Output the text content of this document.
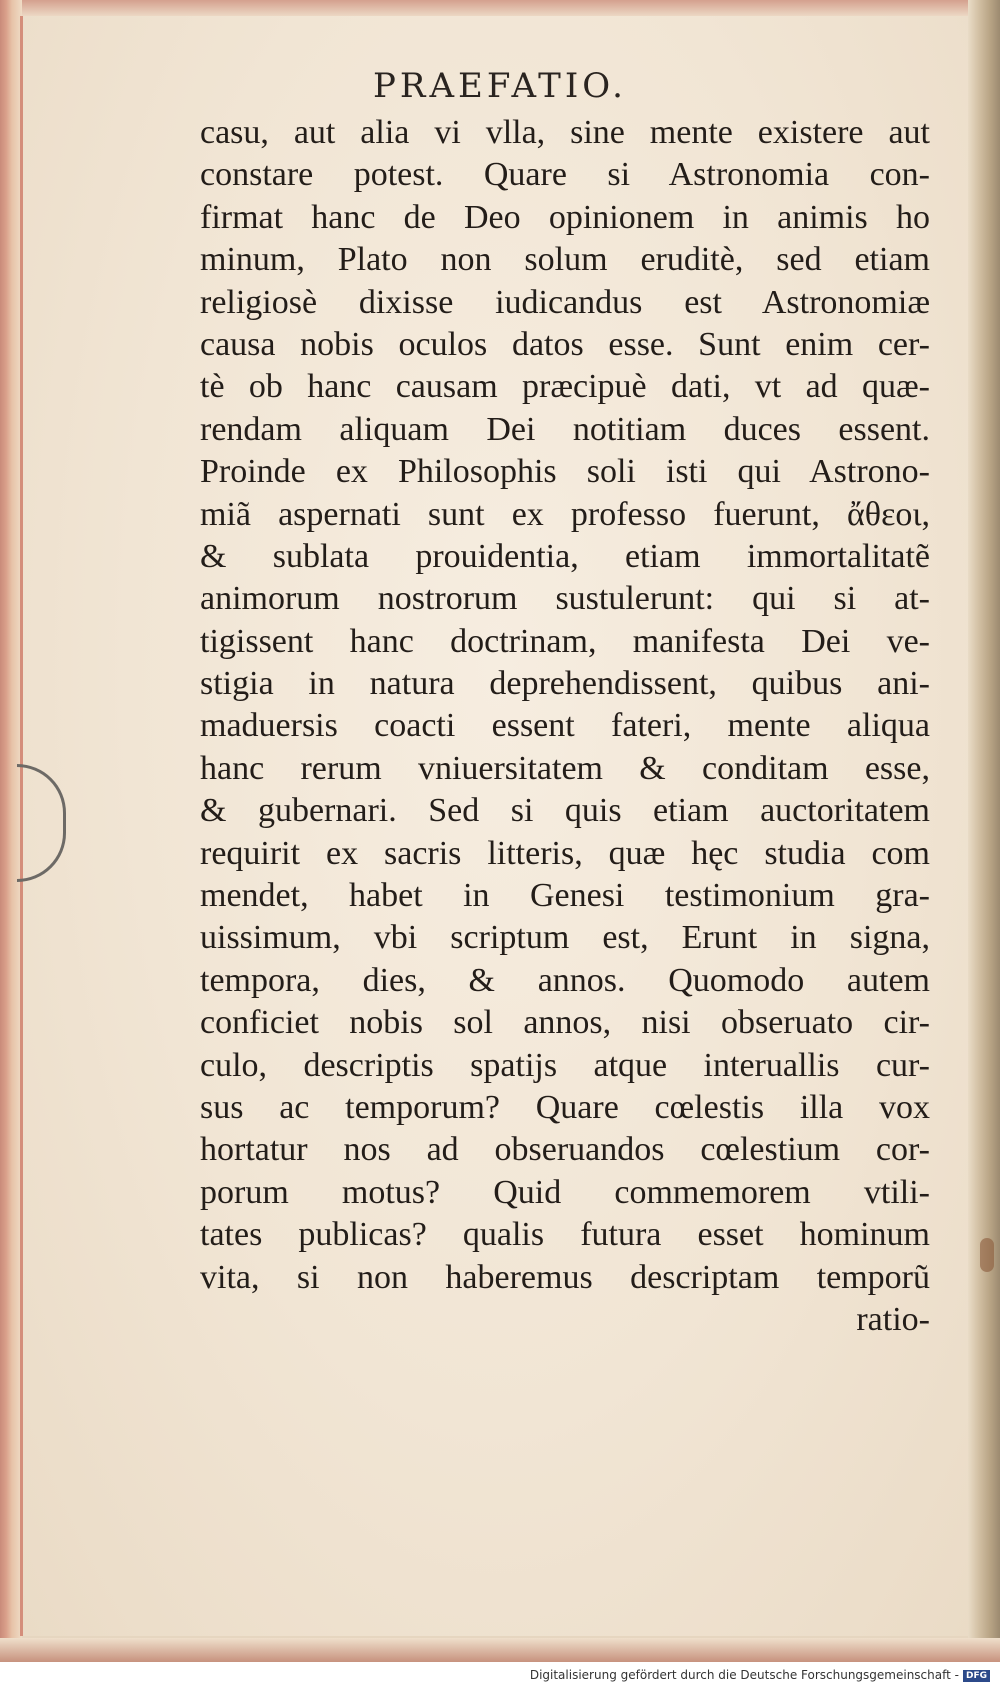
PRAEFATIO.
casu, aut alia vi vlla, sine mente existere aut
constare potest. Quare si Astronomia con-
firmat hanc de Deo opinionem in animis ho
minum, Plato non solum eruditè, sed etiam
religiosè dixisse iudicandus est Astronomiæ
causa nobis oculos datos esse. Sunt enim cer-
tè ob hanc causam præcipuè dati, vt ad quæ-
rendam aliquam Dei notitiam duces essent.
Proinde ex Philosophis soli isti qui Astrono-
miã aspernati sunt ex professo fuerunt, ἄθεοι,
& sublata prouidentia, etiam immortalitatẽ
animorum nostrorum sustulerunt: qui si at-
tigissent hanc doctrinam, manifesta Dei ve-
stigia in natura deprehendissent, quibus ani-
maduersis coacti essent fateri, mente aliqua
hanc rerum vniuersitatem & conditam esse,
& gubernari. Sed si quis etiam auctoritatem
requirit ex sacris litteris, quæ hęc studia com
mendet, habet in Genesi testimonium gra-
uissimum, vbi scriptum est, Erunt in signa,
tempora, dies, & annos. Quomodo autem
conficiet nobis sol annos, nisi obseruato cir-
culo, descriptis spatijs atque interuallis cur-
sus ac temporum? Quare cœlestis illa vox
hortatur nos ad obseruandos cœlestium cor-
porum motus? Quid commemorem vtili-
tates publicas? qualis futura esset hominum
vita, si non haberemus descriptam temporũ
ratio-
Digitalisierung gefördert durch die Deutsche Forschungsgemeinschaft - DFG
